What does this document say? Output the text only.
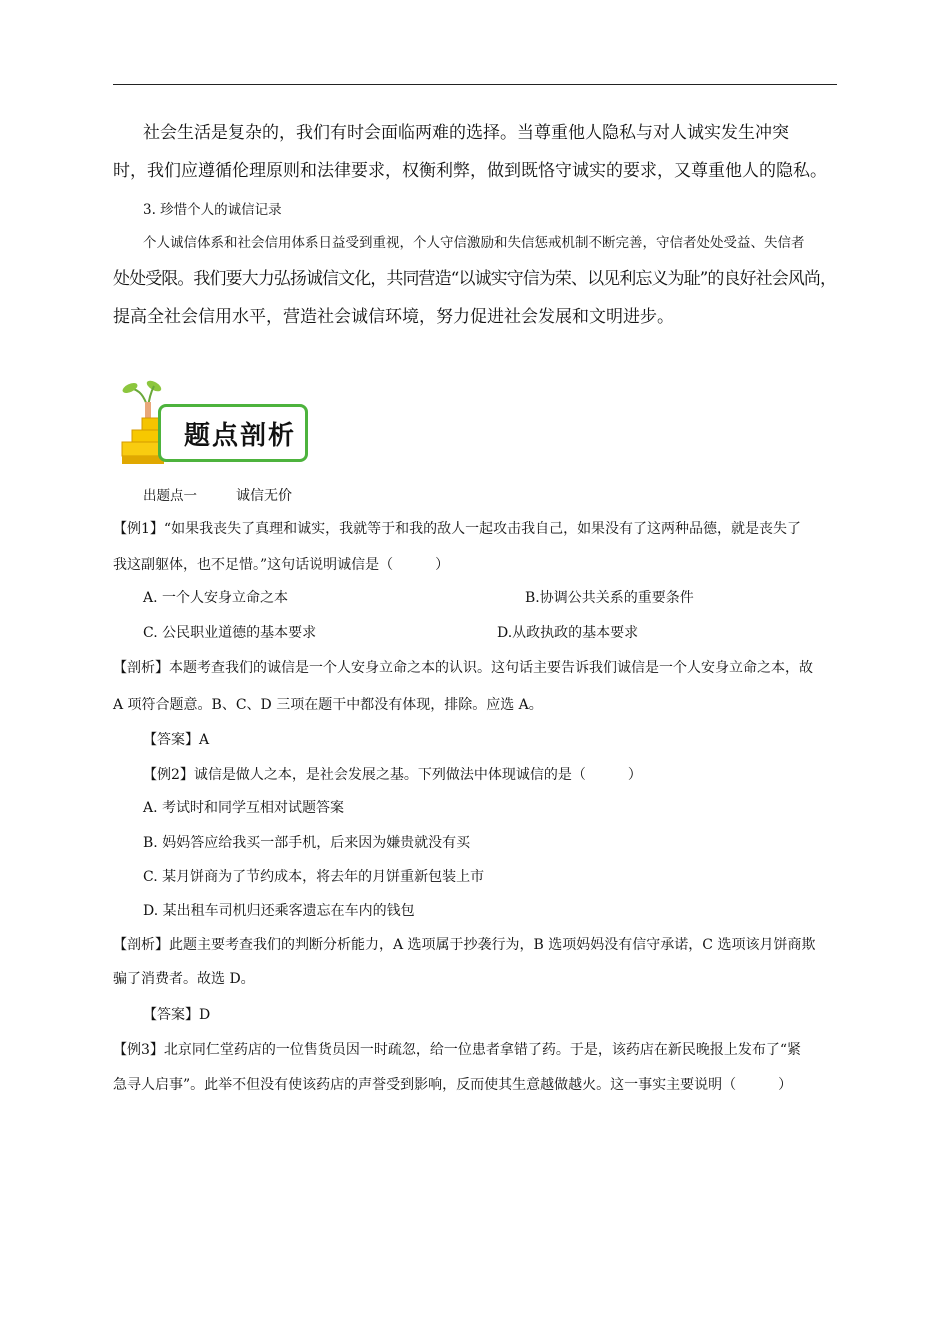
社会生活是复杂的，我们有时会面临两难的选择。当尊重他人隐私与对人诚实发生冲突
时，我们应遵循伦理原则和法律要求，权衡利弊，做到既恪守诚实的要求，又尊重他人的隐私。
3. 珍惜个人的诚信记录
个人诚信体系和社会信用体系日益受到重视，个人守信激励和失信惩戒机制不断完善，守信者处处受益、失信者
处处受限。我们要大力弘扬诚信文化，共同营造“以诚实守信为荣、以见利忘义为耻”的良好社会风尚，
提高全社会信用水平，营造社会诚信环境，努力促进社会发展和文明进步。
题点剖析
出题点一	诚信无价
【例1】“如果我丧失了真理和诚实，我就等于和我的敌人一起攻击我自己，如果没有了这两种品德，就是丧失了
我这副躯体，也不足惜。”这句话说明诚信是（　　　）
A. 一个人安身立命之本	B.协调公共关系的重要条件
C. 公民职业道德的基本要求	D.从政执政的基本要求
【剖析】本题考查我们的诚信是一个人安身立命之本的认识。这句话主要告诉我们诚信是一个人安身立命之本，故
A 项符合题意。B、C、D 三项在题干中都没有体现，排除。应选 A。
【答案】A
【例2】诚信是做人之本，是社会发展之基。下列做法中体现诚信的是（　　　）
A. 考试时和同学互相对试题答案
B. 妈妈答应给我买一部手机，后来因为嫌贵就没有买
C. 某月饼商为了节约成本，将去年的月饼重新包装上市
D. 某出租车司机归还乘客遗忘在车内的钱包
【剖析】此题主要考查我们的判断分析能力，A 选项属于抄袭行为，B 选项妈妈没有信守承诺，C 选项该月饼商欺
骗了消费者。故选 D。
【答案】D
【例3】北京同仁堂药店的一位售货员因一时疏忽，给一位患者拿错了药。于是，该药店在新民晚报上发布了“紧
急寻人启事”。此举不但没有使该药店的声誉受到影响，反而使其生意越做越火。这一事实主要说明（　　　）
